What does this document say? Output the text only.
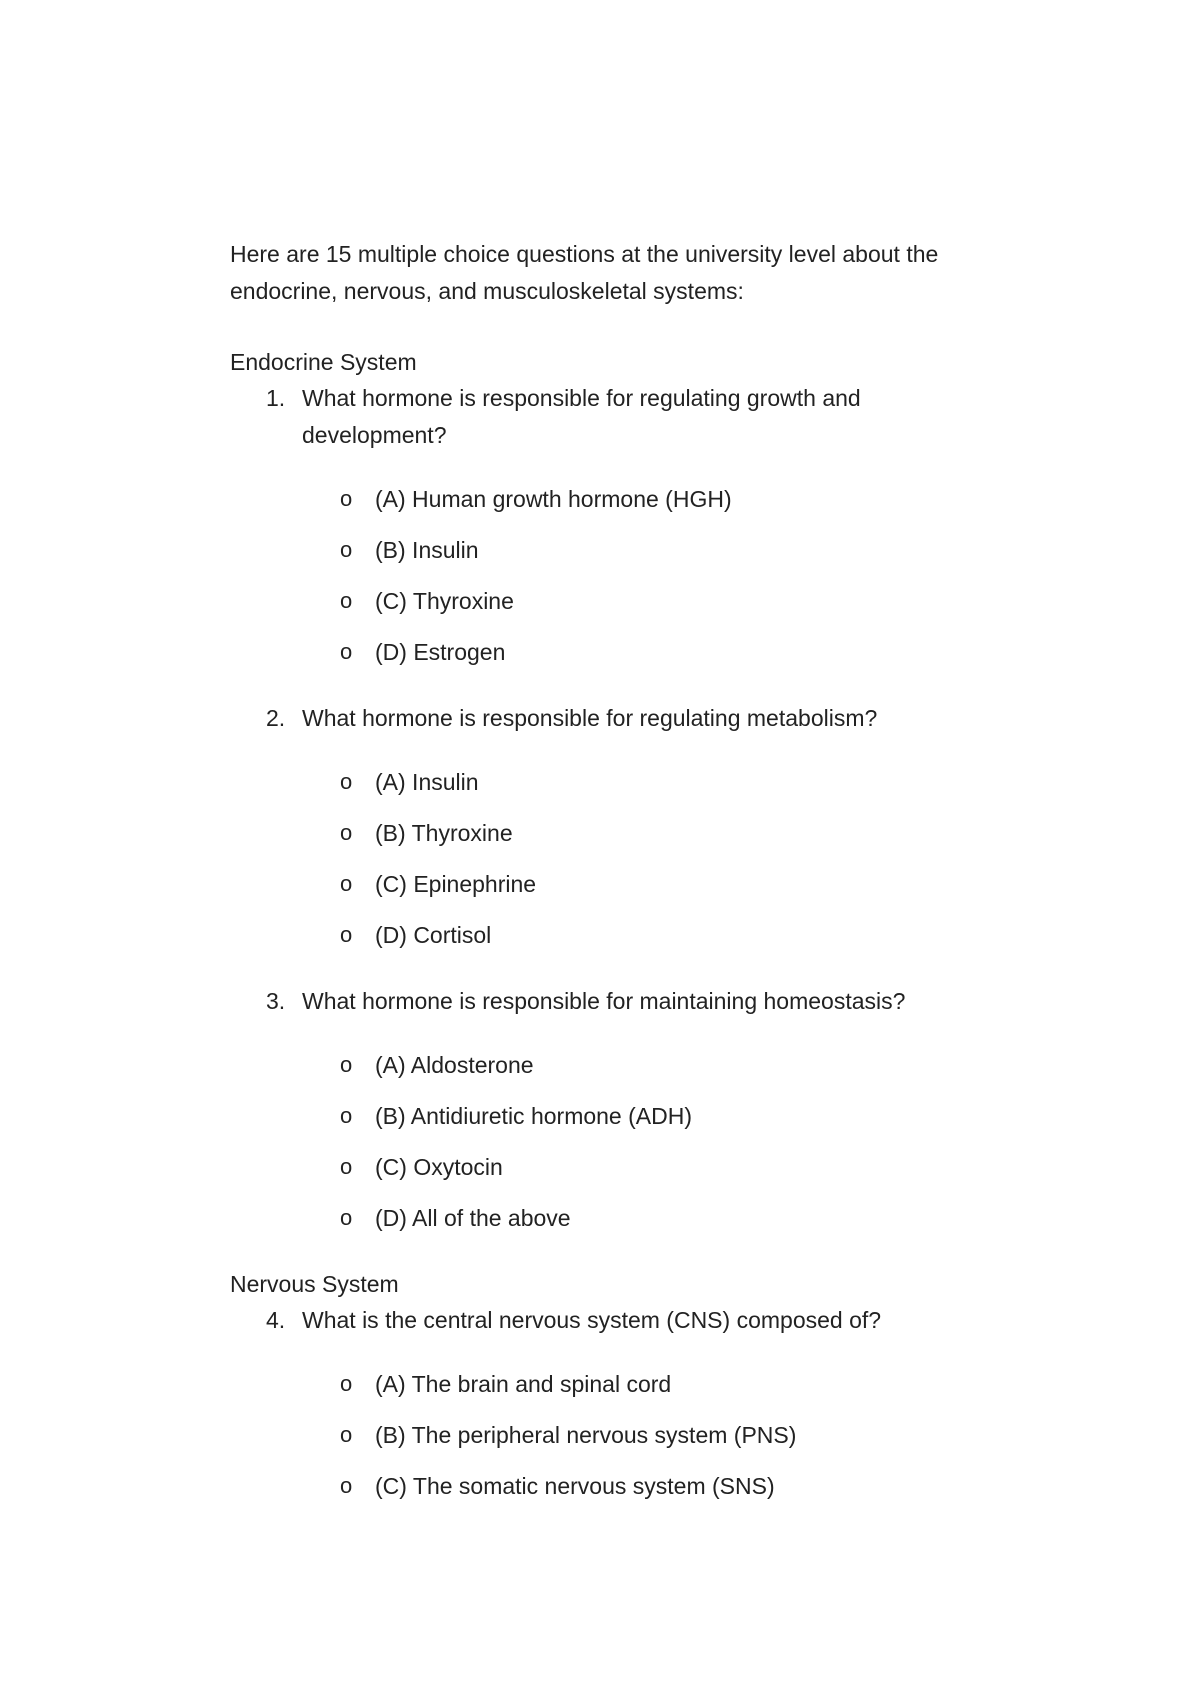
Here are 15 multiple choice questions at the university level about the endocrine, nervous, and musculoskeletal systems:

Endocrine System

1. What hormone is responsible for regulating growth and development?

o (A) Human growth hormone (HGH)
o (B) Insulin
o (C) Thyroxine
o (D) Estrogen

2. What hormone is responsible for regulating metabolism?

o (A) Insulin
o (B) Thyroxine
o (C) Epinephrine
o (D) Cortisol

3. What hormone is responsible for maintaining homeostasis?

o (A) Aldosterone
o (B) Antidiuretic hormone (ADH)
o (C) Oxytocin
o (D) All of the above

Nervous System

4. What is the central nervous system (CNS) composed of?

o (A) The brain and spinal cord
o (B) The peripheral nervous system (PNS)
o (C) The somatic nervous system (SNS)
